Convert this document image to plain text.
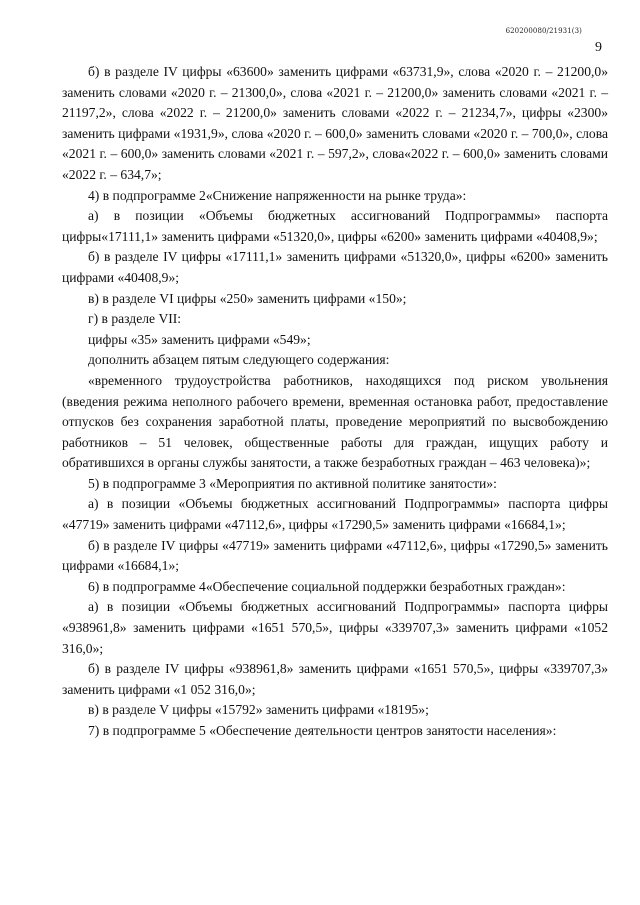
620200080/21931(3)
9

б) в разделе IV цифры «63600» заменить цифрами «63731,9», слова «2020 г. – 21200,0» заменить словами «2020 г. – 21300,0», слова «2021 г. – 21200,0» заменить словами «2021 г. – 21197,2», слова «2022 г. – 21200,0» заменить словами «2022 г. – 21234,7», цифры «2300» заменить цифрами «1931,9», слова «2020 г. – 600,0» заменить словами «2020 г. – 700,0», слова «2021 г. – 600,0» заменить словами «2021 г. – 597,2», слова«2022 г. – 600,0» заменить словами «2022 г. – 634,7»;

4) в подпрограмме 2«Снижение напряженности на рынке труда»:

а) в позиции «Объемы бюджетных ассигнований Подпрограммы» паспорта цифры«17111,1» заменить цифрами «51320,0», цифры «6200» заменить цифрами «40408,9»;

б) в разделе IV цифры «17111,1» заменить цифрами «51320,0», цифры «6200» заменить цифрами «40408,9»;

в) в разделе VI цифры «250» заменить цифрами «150»;

г) в разделе VII:

цифры «35» заменить цифрами «549»;

дополнить абзацем пятым следующего содержания:

«временного трудоустройства работников, находящихся под риском увольнения (введения режима неполного рабочего времени, временная остановка работ, предоставление отпусков без сохранения заработной платы, проведение мероприятий по высвобождению работников – 51 человек, общественные работы для граждан, ищущих работу и обратившихся в органы службы занятости, а также безработных граждан – 463 человека)»;

5) в подпрограмме 3 «Мероприятия по активной политике занятости»:

а) в позиции «Объемы бюджетных ассигнований Подпрограммы» паспорта цифры «47719» заменить цифрами «47112,6», цифры «17290,5» заменить цифрами «16684,1»;

б) в разделе IV цифры «47719» заменить цифрами «47112,6», цифры «17290,5» заменить цифрами «16684,1»;

6) в подпрограмме 4«Обеспечение социальной поддержки безработных граждан»:

а) в позиции «Объемы бюджетных ассигнований Подпрограммы» паспорта цифры «938961,8» заменить цифрами «1651 570,5», цифры «339707,3» заменить цифрами «1052 316,0»;

б) в разделе IV цифры «938961,8» заменить цифрами «1651 570,5», цифры «339707,3» заменить цифрами «1 052 316,0»;

в) в разделе V цифры «15792» заменить цифрами «18195»;

7) в подпрограмме 5 «Обеспечение деятельности центров занятости населения»:
